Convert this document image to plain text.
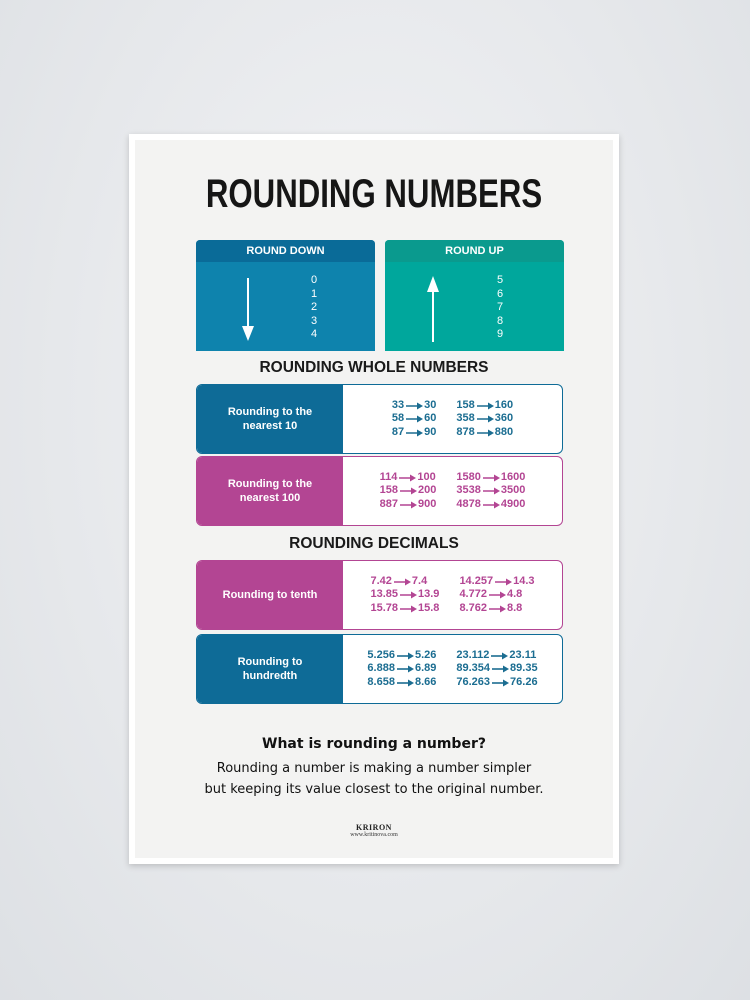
ROUNDING NUMBERS
ROUND DOWN
0
1
2
3
4
ROUND UP
5
6
7
8
9
ROUNDING WHOLE NUMBERS
Rounding to the nearest 10
33 30
58 60
87 90
158 160
358 360
878 880
Rounding to the nearest 100
114 100
158 200
887 900
1580 1600
3538 3500
4878 4900
ROUNDING DECIMALS
Rounding to tenth
7.42 7.4
13.85 13.9
15.78 15.8
14.257 14.3
4.772 4.8
8.762 8.8
Rounding to hundredth
5.256 5.26
6.888 6.89
8.658 8.66
23.112 23.11
89.354 89.35
76.263 76.26
What is rounding a number?
Rounding a number is making a number simpler
but keeping its value closest to the original number.
KRIRON
www.kritinova.com
